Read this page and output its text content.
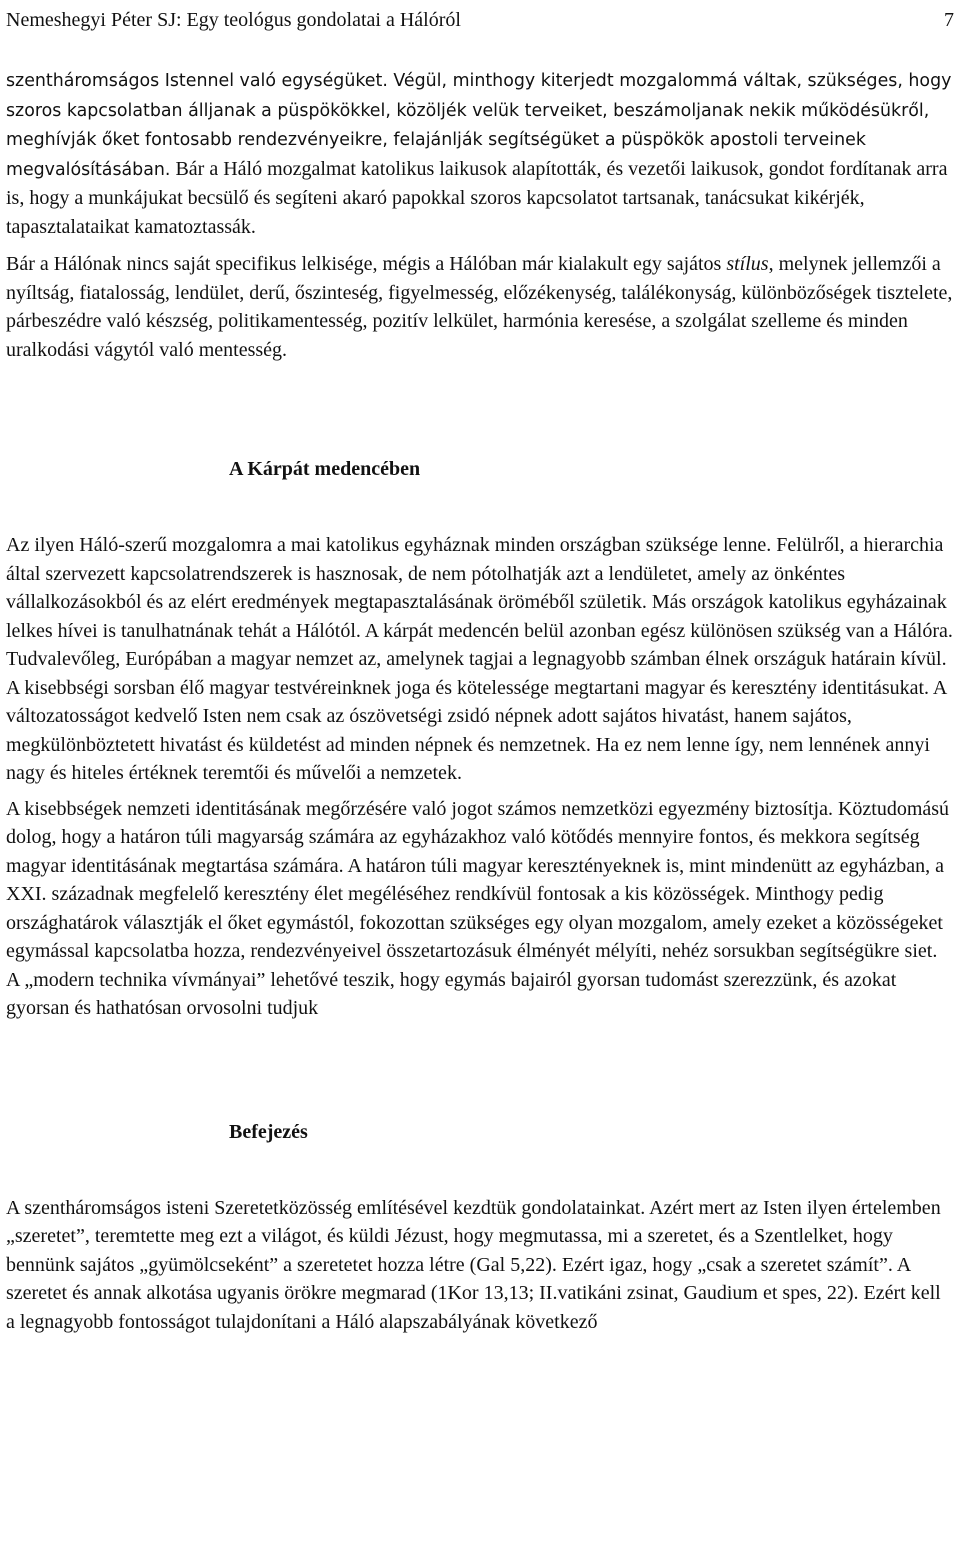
Nemeshegyi Péter SJ: Egy teológus gondolatai a Hálóról	7

szentháromságos Istennel való egységüket. Végül, minthogy kiterjedt mozgalommá váltak, szükséges, hogy szoros kapcsolatban álljanak a püspökökkel, közöljék velük terveiket, beszámoljanak nekik működésükről, meghívják őket fontosabb rendezvényeikre, felajánlják segítségüket a püspökök apostoli terveinek megvalósításában. Bár a Háló mozgalmat katolikus laikusok alapították, és vezetői laikusok, gondot fordítanak arra is, hogy a munkájukat becsülő és segíteni akaró papokkal szoros kapcsolatot tartsanak, tanácsukat kikérjék, tapasztalataikat kamatoztassák.

Bár a Hálónak nincs saját specifikus lelkisége, mégis a Hálóban már kialakult egy sajátos stílus, melynek jellemzői a nyíltság, fiatalosság, lendület, derű, őszinteség, figyelmesség, előzékenység, találékonyság, különbözőségek tisztelete, párbeszédre való készség, politikamentesség, pozitív lelkület, harmónia keresése, a szolgálat szelleme és minden uralkodási vágytól való mentesség.

A Kárpát medencében

Az ilyen Háló-szerű mozgalomra a mai katolikus egyháznak minden országban szüksége lenne. Felülről, a hierarchia által szervezett kapcsolatrendszerek is hasznosak, de nem pótolhatják azt a lendületet, amely az önkéntes vállalkozásokból és az elért eredmények megtapasztalásának öröméből születik. Más országok katolikus egyházainak lelkes hívei is tanulhatnának tehát a Hálótól. A kárpát medencén belül azonban egész különösen szükség van a Hálóra. Tudvalevőleg, Európában a magyar nemzet az, amelynek tagjai a legnagyobb számban élnek országuk határain kívül. A kisebbségi sorsban élő magyar testvéreinknek joga és kötelessége megtartani magyar és keresztény identitásukat. A változatosságot kedvelő Isten nem csak az ószövetségi zsidó népnek adott sajátos hivatást, hanem sajátos, megkülönböztetett hivatást és küldetést ad minden népnek és nemzetnek. Ha ez nem lenne így, nem lennének annyi nagy és hiteles értéknek teremtői és művelői a nemzetek.

A kisebbségek nemzeti identitásának megőrzésére való jogot számos nemzetközi egyezmény biztosítja. Köztudomású dolog, hogy a határon túli magyarság számára az egyházakhoz való kötődés mennyire fontos, és mekkora segítség magyar identitásának megtartása számára. A határon túli magyar keresztényeknek is, mint mindenütt az egyházban, a XXI. századnak megfelelő keresztény élet megéléséhez rendkívül fontosak a kis közösségek. Minthogy pedig országhatárok választják el őket egymástól, fokozottan szükséges egy olyan mozgalom, amely ezeket a közösségeket egymással kapcsolatba hozza, rendezvényeivel összetartozásuk élményét mélyíti, nehéz sorsukban segítségükre siet. A „modern technika vívmányai” lehetővé teszik, hogy egymás bajairól gyorsan tudomást szerezzünk, és azokat gyorsan és hathatósan orvosolni tudjuk

Befejezés

A szentháromságos isteni Szeretetközösség említésével kezdtük gondolatainkat. Azért mert az Isten ilyen értelemben „szeretet”, teremtette meg ezt a világot, és küldi Jézust, hogy megmutassa, mi a szeretet, és a Szentlelket, hogy bennünk sajátos „gyümölcseként” a szeretetet hozza létre (Gal 5,22). Ezért igaz, hogy „csak a szeretet számít”. A szeretet és annak alkotása ugyanis örökre megmarad (1Kor 13,13; II.vatikáni zsinat, Gaudium et spes, 22). Ezért kell a legnagyobb fontosságot tulajdonítani a Háló alapszabályának következő
